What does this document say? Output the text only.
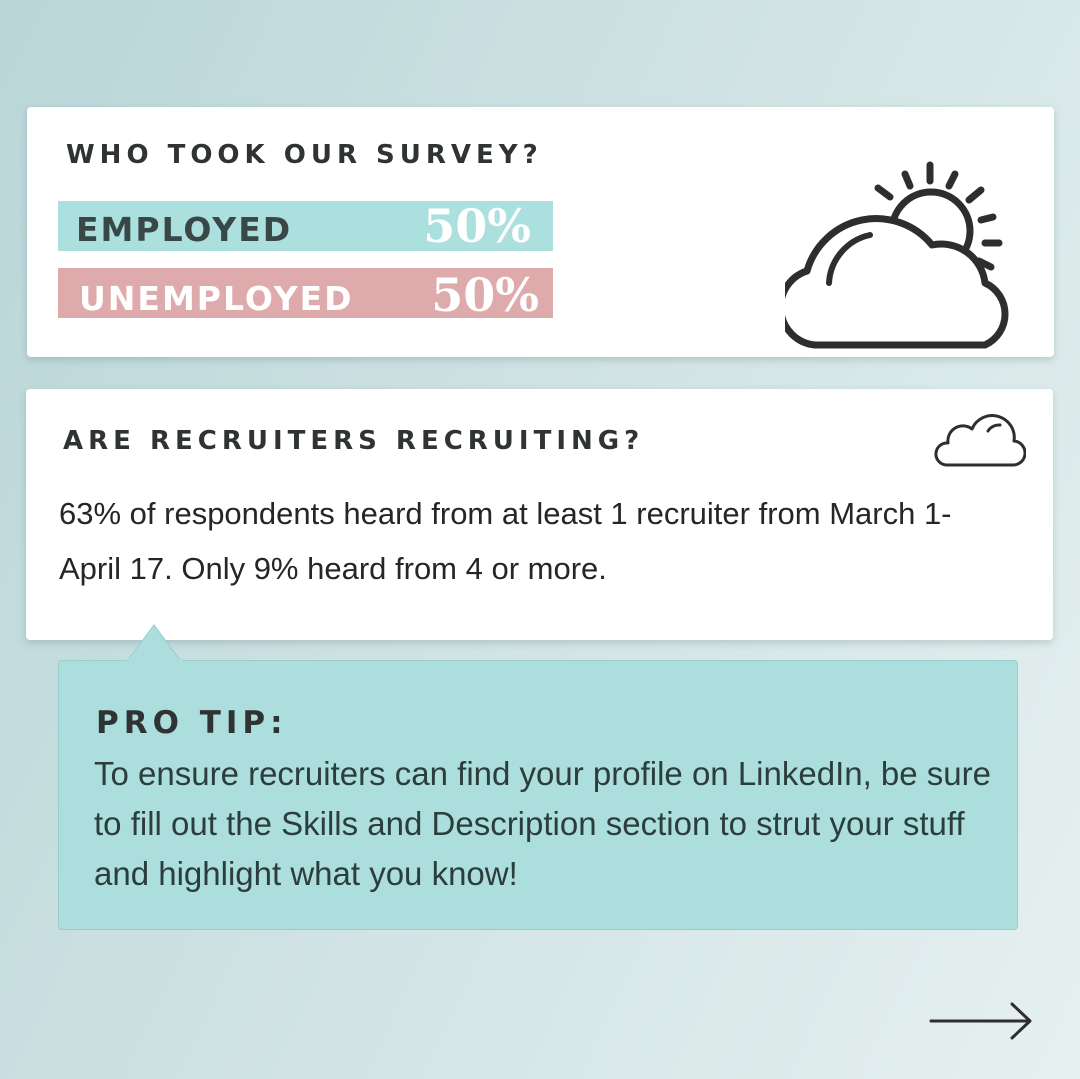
WHO TOOK OUR SURVEY?
EMPLOYED	50%
UNEMPLOYED 50%
ARE RECRUITERS RECRUITING?

63% of respondents heard from at least 1 recruiter from March 1-April 17. Only 9% heard from 4 or more.

PRO TIP:

To ensure recruiters can find your profile on LinkedIn, be sure to fill out the Skills and Description section to strut your stuff and highlight what you know!
